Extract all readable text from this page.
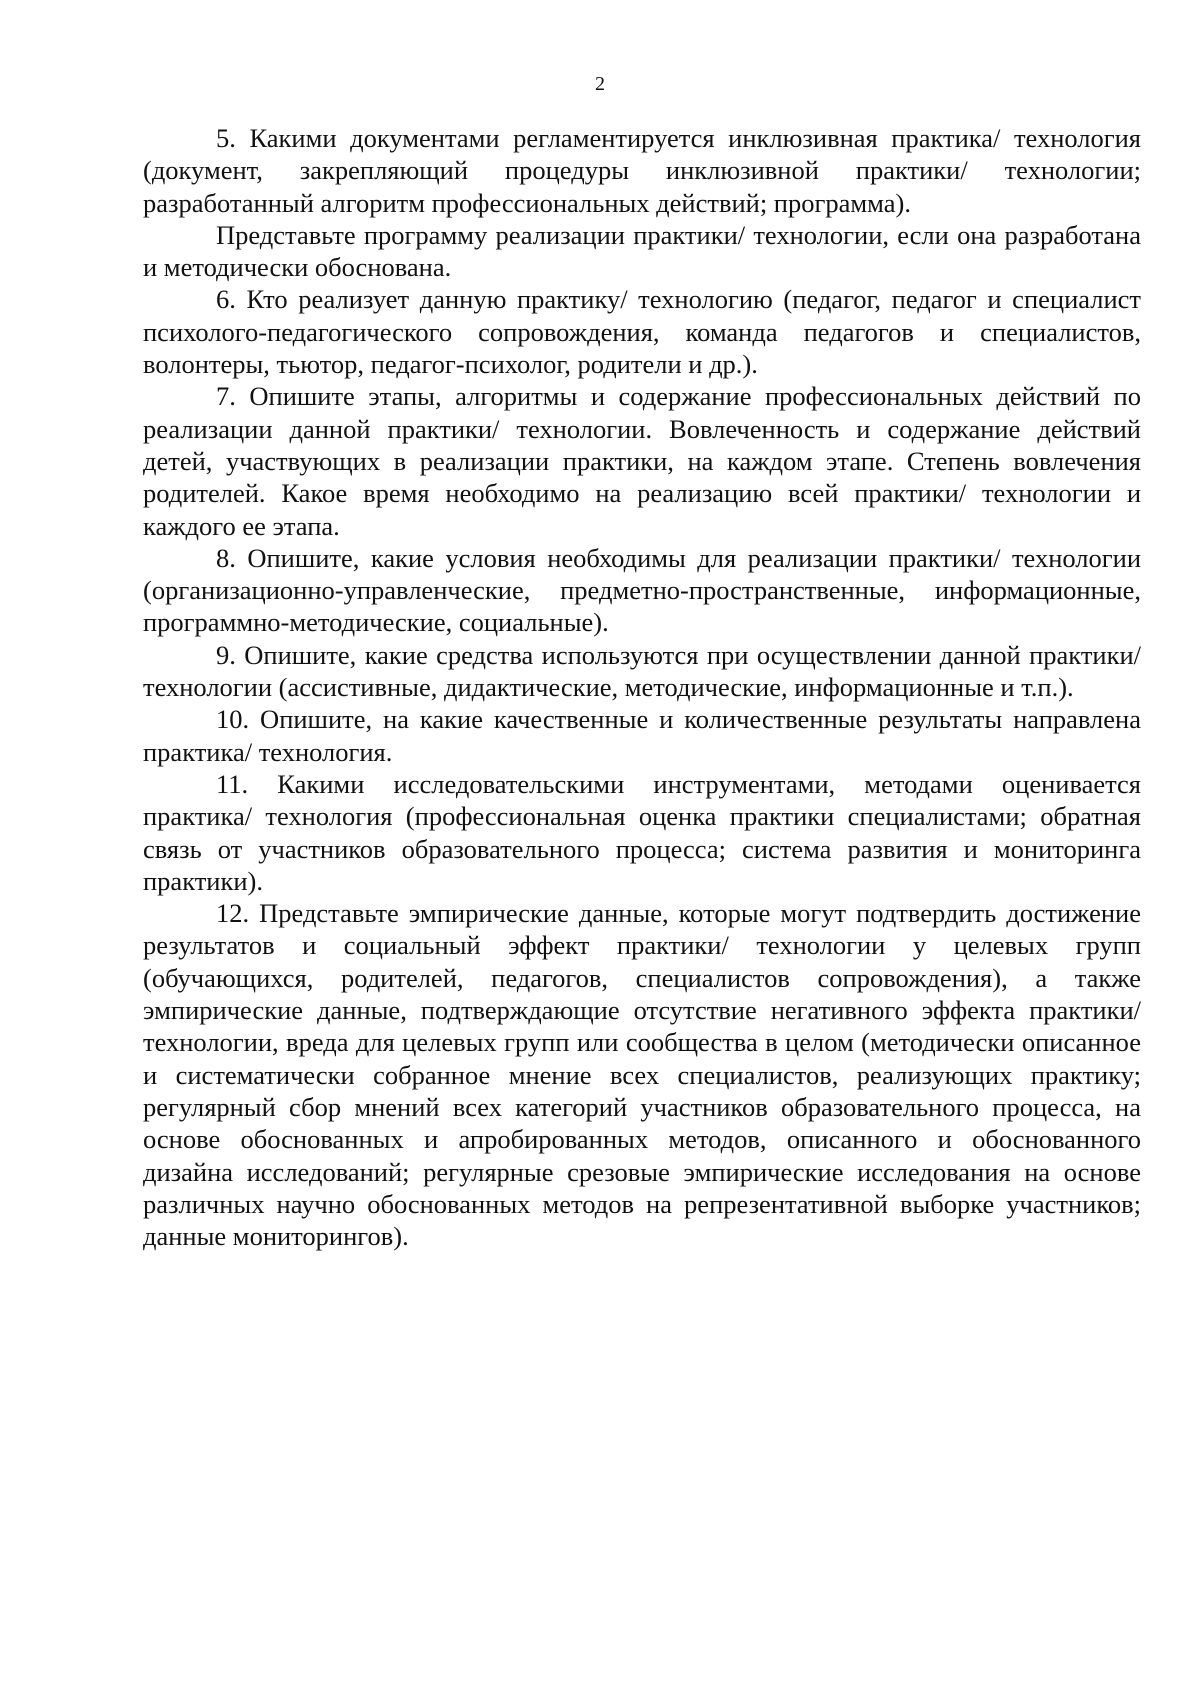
2

5. Какими документами регламентируется инклюзивная практика/ технология (документ, закрепляющий процедуры инклюзивной практики/ технологии; разработанный алгоритм профессиональных действий; программа).

Представьте программу реализации практики/ технологии, если она разработана и методически обоснована.

6. Кто реализует данную практику/ технологию (педагог, педагог и специалист психолого-педагогического сопровождения, команда педагогов и специалистов, волонтеры, тьютор, педагог-психолог, родители и др.).

7. Опишите этапы, алгоритмы и содержание профессиональных действий по реализации данной практики/ технологии. Вовлеченность и содержание действий детей, участвующих в реализации практики, на каждом этапе. Степень вовлечения родителей. Какое время необходимо на реализацию всей практики/ технологии и каждого ее этапа.

8. Опишите, какие условия необходимы для реализации практики/ технологии (организационно-управленческие, предметно-пространственные, информационные, программно-методические, социальные).

9. Опишите, какие средства используются при осуществлении данной практики/ технологии (ассистивные, дидактические, методические, информационные и т.п.).

10. Опишите, на какие качественные и количественные результаты направлена практика/ технология.

11. Какими исследовательскими инструментами, методами оценивается практика/ технология (профессиональная оценка практики специалистами; обратная связь от участников образовательного процесса; система развития и мониторинга практики).

12. Представьте эмпирические данные, которые могут подтвердить достижение результатов и социальный эффект практики/ технологии у целевых групп (обучающихся, родителей, педагогов, специалистов сопровождения), а также эмпирические данные, подтверждающие отсутствие негативного эффекта практики/ технологии, вреда для целевых групп или сообщества в целом (методически описанное и систематически собранное мнение всех специалистов, реализующих практику; регулярный сбор мнений всех категорий участников образовательного процесса, на основе обоснованных и апробированных методов, описанного и обоснованного дизайна исследований; регулярные срезовые эмпирические исследования на основе различных научно обоснованных методов на репрезентативной выборке участников; данные мониторингов).
